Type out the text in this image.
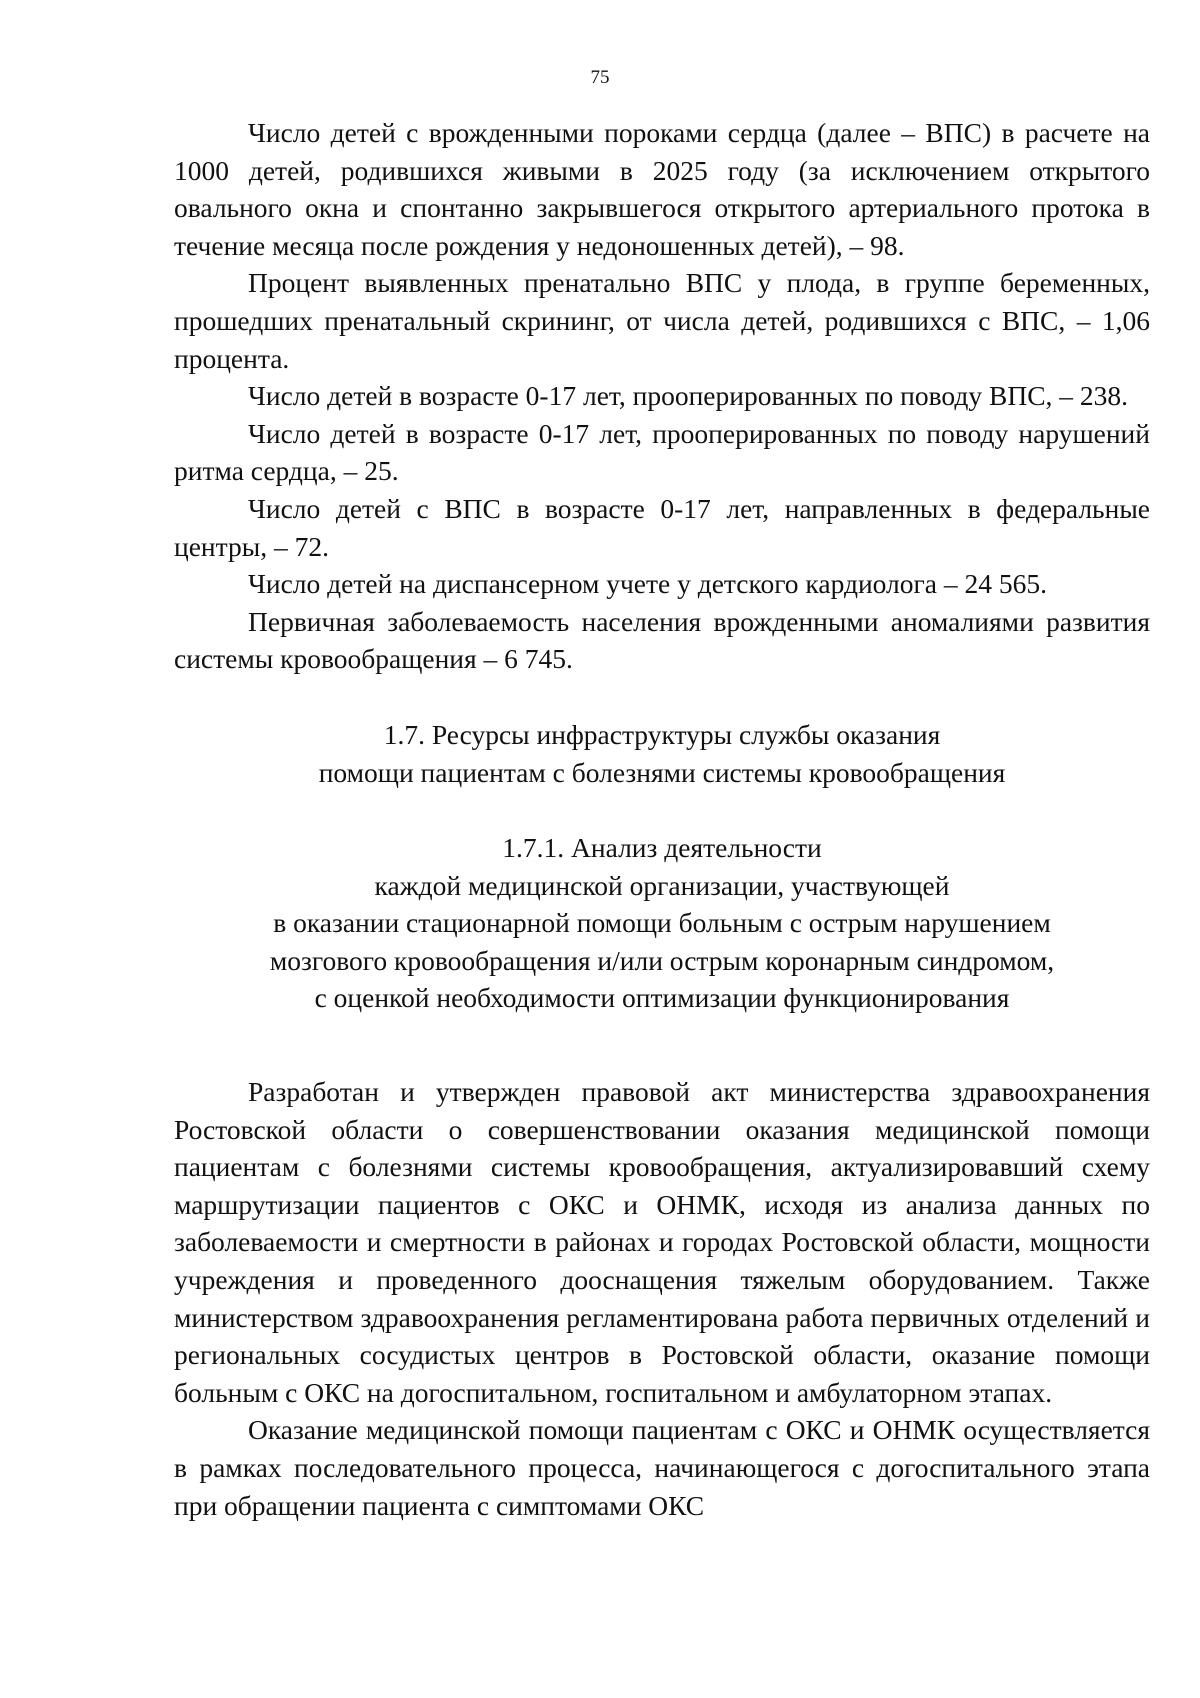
75

Число детей с врожденными пороками сердца (далее – ВПС) в расчете на 1000 детей, родившихся живыми в 2025 году (за исключением открытого овального окна и спонтанно закрывшегося открытого артериального протока в течение месяца после рождения у недоношенных детей), – 98.

Процент выявленных пренатально ВПС у плода, в группе беременных, прошедших пренатальный скрининг, от числа детей, родившихся с ВПС, – 1,06 процента.

Число детей в возрасте 0-17 лет, прооперированных по поводу ВПС, – 238.

Число детей в возрасте 0-17 лет, прооперированных по поводу нарушений ритма сердца, – 25.

Число детей с ВПС в возрасте 0-17 лет, направленных в федеральные центры, – 72.

Число детей на диспансерном учете у детского кардиолога – 24 565.

Первичная заболеваемость населения врожденными аномалиями развития системы кровообращения – 6 745.

1.7. Ресурсы инфраструктуры службы оказания

помощи пациентам с болезнями системы кровообращения

1.7.1. Анализ деятельности

каждой медицинской организации, участвующей

в оказании стационарной помощи больным с острым нарушением

мозгового кровообращения и/или острым коронарным синдромом,

с оценкой необходимости оптимизации функционирования

Разработан и утвержден правовой акт министерства здравоохранения Ростовской области о совершенствовании оказания медицинской помощи пациентам с болезнями системы кровообращения, актуализировавший схему маршрутизации пациентов с ОКС и ОНМК, исходя из анализа данных по заболеваемости и смертности в районах и городах Ростовской области, мощности учреждения и проведенного дооснащения тяжелым оборудованием. Также министерством здравоохранения регламентирована работа первичных отделений и региональных сосудистых центров в Ростовской области, оказание помощи больным с ОКС на догоспитальном, госпитальном и амбулаторном этапах.

Оказание медицинской помощи пациентам с ОКС и ОНМК осуществляется в рамках последовательного процесса, начинающегося с догоспитального этапа при обращении пациента с симптомами ОКС
